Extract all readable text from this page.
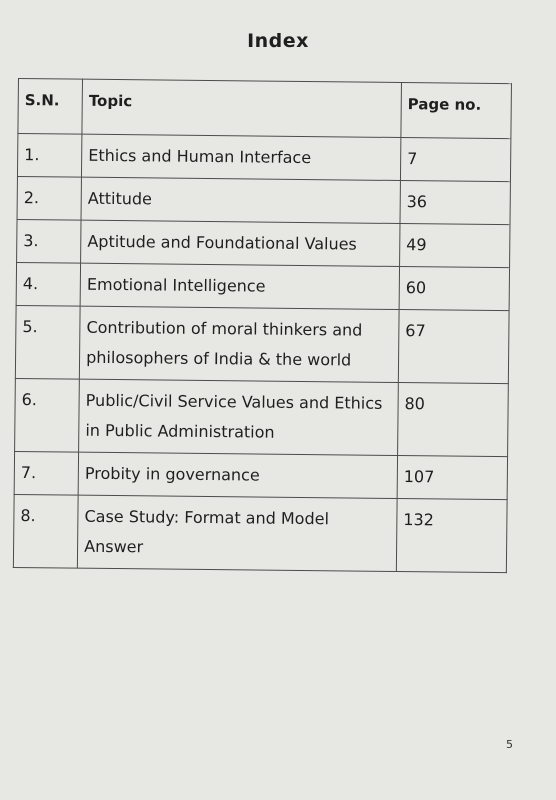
Index
S.N.	Topic	Page no.
1.	Ethics and Human Interface	7
2.	Attitude	36
3.	Aptitude and Foundational Values	49
4.	Emotional Intelligence	60
5.	Contribution of moral thinkers and philosophers of India & the world	67
6.	Public/Civil Service Values and Ethics in Public Administration	80
7.	Probity in governance	107
8.	Case Study: Format and Model Answer	132
5
